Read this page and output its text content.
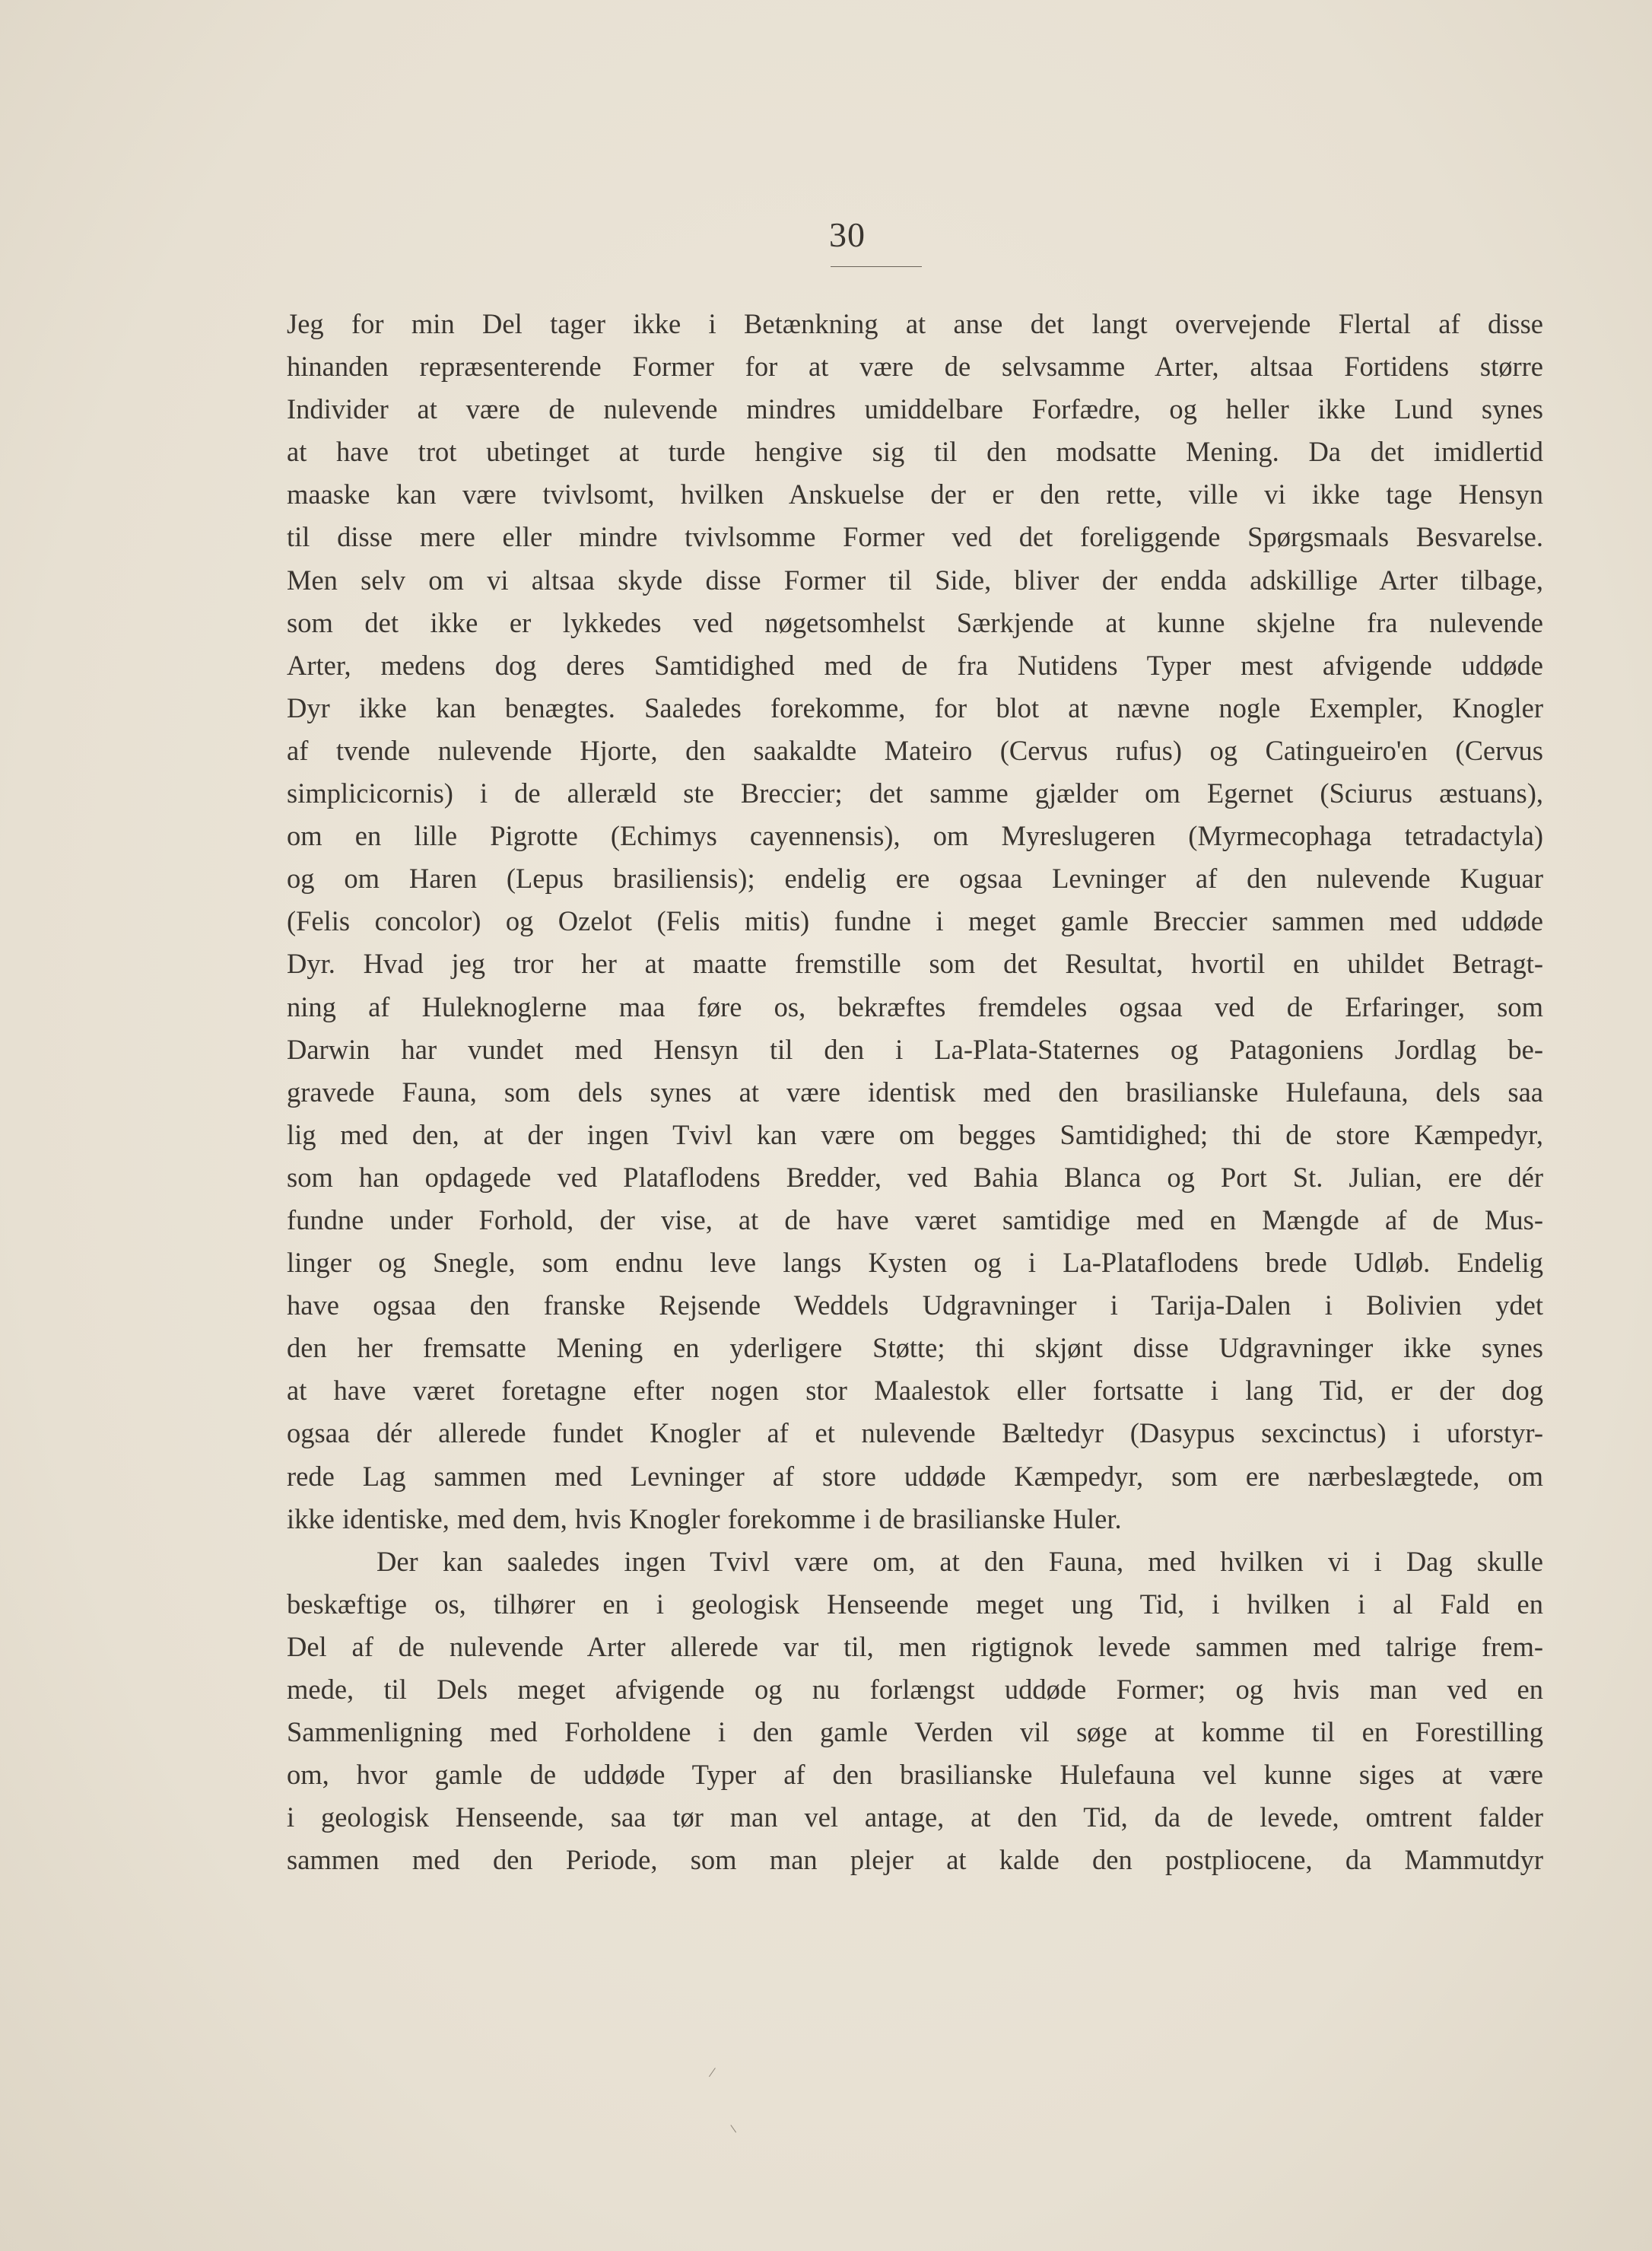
30
Jeg for min Del tager ikke i Betænkning at anse det langt overvejende Flertal af disse
hinanden repræsenterende Former for at være de selvsamme Arter, altsaa Fortidens større
Individer at være de nulevende mindres umiddelbare Forfædre, og heller ikke Lund synes
at have trot ubetinget at turde hengive sig til den modsatte Mening. Da det imidlertid
maaske kan være tvivlsomt, hvilken Anskuelse der er den rette, ville vi ikke tage Hensyn
til disse mere eller mindre tvivlsomme Former ved det foreliggende Spørgsmaals Besvarelse.
Men selv om vi altsaa skyde disse Former til Side, bliver der endda adskillige Arter tilbage,
som det ikke er lykkedes ved nøgetsomhelst Særkjende at kunne skjelne fra nulevende
Arter, medens dog deres Samtidighed med de fra Nutidens Typer mest afvigende uddøde
Dyr ikke kan benægtes. Saaledes forekomme, for blot at nævne nogle Exempler, Knogler
af tvende nulevende Hjorte, den saakaldte Mateiro (Cervus rufus) og Catingueiro'en (Cervus
simplicicornis) i de alleræld ste Breccier; det samme gjælder om Egernet (Sciurus æstuans),
om en lille Pigrotte (Echimys cayennensis), om Myreslugeren (Myrmecophaga tetradactyla)
og om Haren (Lepus brasiliensis); endelig ere ogsaa Levninger af den nulevende Kuguar
(Felis concolor) og Ozelot (Felis mitis) fundne i meget gamle Breccier sammen med uddøde
Dyr. Hvad jeg tror her at maatte fremstille som det Resultat, hvortil en uhildet Betragt-
ning af Huleknoglerne maa føre os, bekræftes fremdeles ogsaa ved de Erfaringer, som
Darwin har vundet med Hensyn til den i La-Plata-Staternes og Patagoniens Jordlag be-
gravede Fauna, som dels synes at være identisk med den brasilianske Hulefauna, dels saa
lig med den, at der ingen Tvivl kan være om begges Samtidighed; thi de store Kæmpedyr,
som han opdagede ved Plataflodens Bredder, ved Bahia Blanca og Port St. Julian, ere dér
fundne under Forhold, der vise, at de have været samtidige med en Mængde af de Mus-
linger og Snegle, som endnu leve langs Kysten og i La-Plataflodens brede Udløb. Endelig
have ogsaa den franske Rejsende Weddels Udgravninger i Tarija-Dalen i Bolivien ydet
den her fremsatte Mening en yderligere Støtte; thi skjønt disse Udgravninger ikke synes
at have været foretagne efter nogen stor Maalestok eller fortsatte i lang Tid, er der dog
ogsaa dér allerede fundet Knogler af et nulevende Bæltedyr (Dasypus sexcinctus) i uforstyr-
rede Lag sammen med Levninger af store uddøde Kæmpedyr, som ere nærbeslægtede, om
ikke identiske, med dem, hvis Knogler forekomme i de brasilianske Huler.
Der kan saaledes ingen Tvivl være om, at den Fauna, med hvilken vi i Dag skulle
beskæftige os, tilhører en i geologisk Henseende meget ung Tid, i hvilken i al Fald en
Del af de nulevende Arter allerede var til, men rigtignok levede sammen med talrige frem-
mede, til Dels meget afvigende og nu forlængst uddøde Former; og hvis man ved en
Sammenligning med Forholdene i den gamle Verden vil søge at komme til en Forestilling
om, hvor gamle de uddøde Typer af den brasilianske Hulefauna vel kunne siges at være
i geologisk Henseende, saa tør man vel antage, at den Tid, da de levede, omtrent falder
sammen med den Periode, som man plejer at kalde den postpliocene, da Mammutdyr
